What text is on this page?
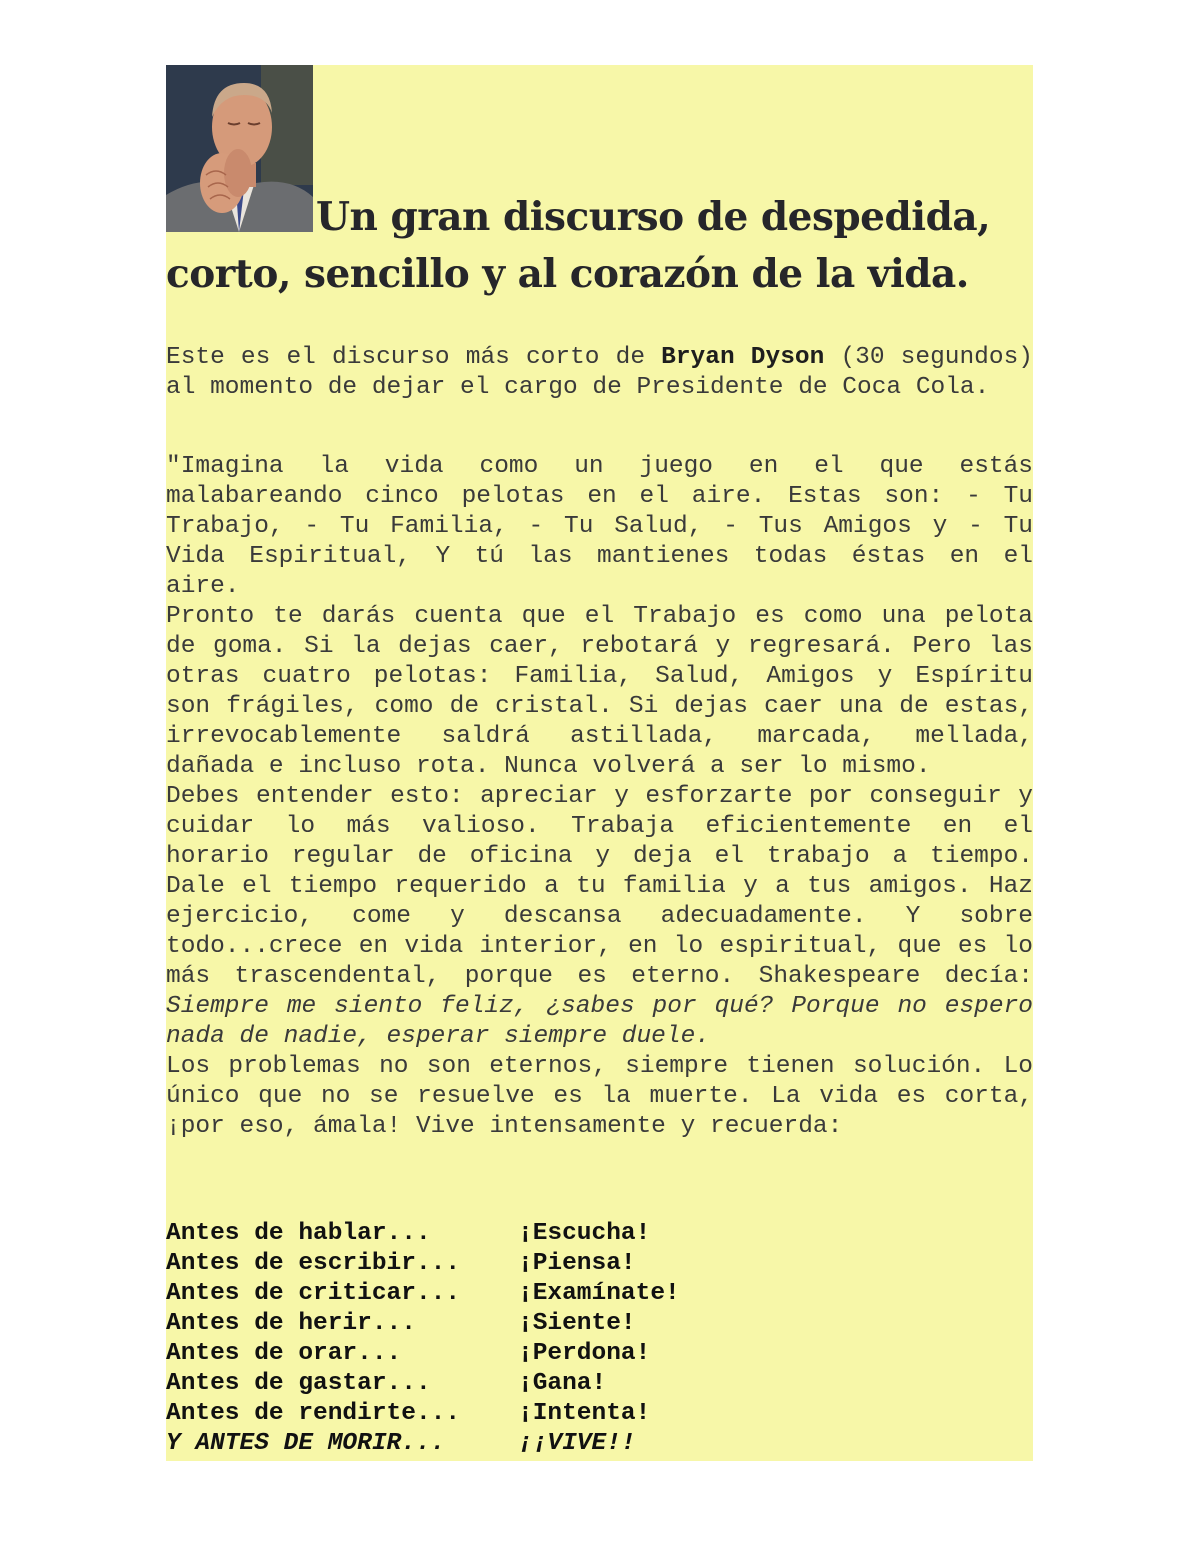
Un gran discurso de despedida,
corto, sencillo y al corazón de la vida.

Este es el discurso más corto de Bryan Dyson (30 segundos) al momento de dejar el cargo de Presidente de Coca Cola.

"Imagina la vida como un juego en el que estás malabareando cinco pelotas en el aire. Estas son: - Tu Trabajo, - Tu Familia, - Tu Salud, - Tus Amigos y - Tu Vida Espiritual, Y tú las mantienes todas éstas en el aire.

Pronto te darás cuenta que el Trabajo es como una pelota de goma. Si la dejas caer, rebotará y regresará. Pero las otras cuatro pelotas: Familia, Salud, Amigos y Espíritu son frágiles, como de cristal. Si dejas caer una de estas, irrevocablemente saldrá astillada, marcada, mellada, dañada e incluso rota. Nunca volverá a ser lo mismo.

Debes entender esto: apreciar y esforzarte por conseguir y cuidar lo más valioso. Trabaja eficientemente en el horario regular de oficina y deja el trabajo a tiempo. Dale el tiempo requerido a tu familia y a tus amigos. Haz ejercicio, come y descansa adecuadamente. Y sobre todo...crece en vida interior, en lo espiritual, que es lo más trascendental, porque es eterno. Shakespeare decía: Siempre me siento feliz, ¿sabes por qué? Porque no espero nada de nadie, esperar siempre duele.

Los problemas no son eternos, siempre tienen solución. Lo único que no se resuelve es la muerte. La vida es corta, ¡por eso, ámala! Vive intensamente y recuerda:

Antes de hablar...	¡Escucha!
Antes de escribir...	¡Piensa!
Antes de criticar...	¡Examínate!
Antes de herir...	¡Siente!
Antes de orar...	¡Perdona!
Antes de gastar...	¡Gana!
Antes de rendirte...	¡Intenta!
Y ANTES DE MORIR...	¡¡VIVE!!
